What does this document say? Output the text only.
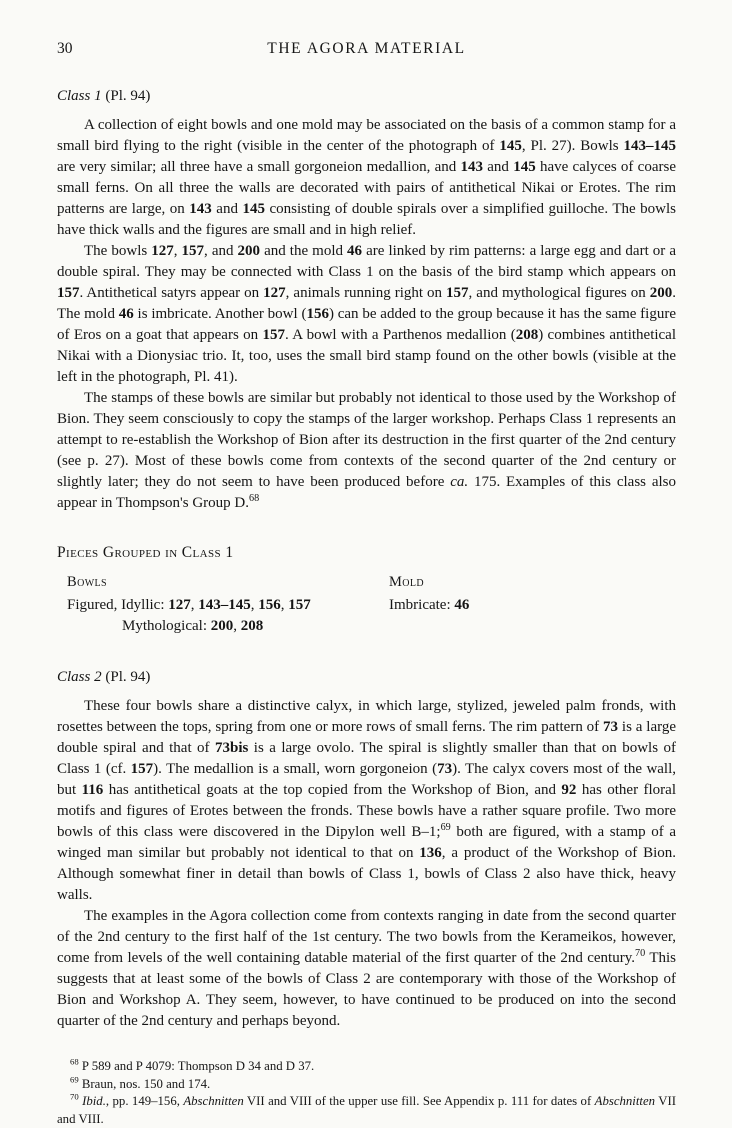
30	THE AGORA MATERIAL
Class 1 (Pl. 94)

A collection of eight bowls and one mold may be associated on the basis of a common stamp for a small bird flying to the right (visible in the center of the photograph of 145, Pl. 27). Bowls 143–145 are very similar; all three have a small gorgoneion medallion, and 143 and 145 have calyces of coarse small ferns. On all three the walls are decorated with pairs of antithetical Nikai or Erotes. The rim patterns are large, on 143 and 145 consisting of double spirals over a simplified guilloche. The bowls have thick walls and the figures are small and in high relief.

The bowls 127, 157, and 200 and the mold 46 are linked by rim patterns: a large egg and dart or a double spiral. They may be connected with Class 1 on the basis of the bird stamp which appears on 157. Antithetical satyrs appear on 127, animals running right on 157, and mythological figures on 200. The mold 46 is imbricate. Another bowl (156) can be added to the group because it has the same figure of Eros on a goat that appears on 157. A bowl with a Parthenos medallion (208) combines antithetical Nikai with a Dionysiac trio. It, too, uses the small bird stamp found on the other bowls (visible at the left in the photograph, Pl. 41).

The stamps of these bowls are similar but probably not identical to those used by the Workshop of Bion. They seem consciously to copy the stamps of the larger workshop. Perhaps Class 1 represents an attempt to re-establish the Workshop of Bion after its destruction in the first quarter of the 2nd century (see p. 27). Most of these bowls come from contexts of the second quarter of the 2nd century or slightly later; they do not seem to have been produced before ca. 175. Examples of this class also appear in Thompson's Group D.$^{68}$

Pieces Grouped in Class 1
Bowls
Figured, Idyllic: 127, 143–145, 156, 157
Mythological: 200, 208
Mold
Imbricate: 46
Class 2 (Pl. 94)

These four bowls share a distinctive calyx, in which large, stylized, jeweled palm fronds, with rosettes between the tops, spring from one or more rows of small ferns. The rim pattern of 73 is a large double spiral and that of 73bis is a large ovolo. The spiral is slightly smaller than that on bowls of Class 1 (cf. 157). The medallion is a small, worn gorgoneion (73). The calyx covers most of the wall, but 116 has antithetical goats at the top copied from the Workshop of Bion, and 92 has other floral motifs and figures of Erotes between the fronds. These bowls have a rather square profile. Two more bowls of this class were discovered in the Dipylon well B–1;$^{69}$ both are figured, with a stamp of a winged man similar but probably not identical to that on 136, a product of the Workshop of Bion. Although somewhat finer in detail than bowls of Class 1, bowls of Class 2 also have thick, heavy walls.

The examples in the Agora collection come from contexts ranging in date from the second quarter of the 2nd century to the first half of the 1st century. The two bowls from the Kerameikos, however, come from levels of the well containing datable material of the first quarter of the 2nd century.$^{70}$ This suggests that at least some of the bowls of Class 2 are contemporary with those of the Workshop of Bion and Workshop A. They seem, however, to have continued to be produced on into the second quarter of the 2nd century and perhaps beyond.

$^{68}$ P 589 and P 4079: Thompson D 34 and D 37.

$^{69}$ Braun, nos. 150 and 174.

$^{70}$ Ibid., pp. 149–156, Abschnitten VII and VIII of the upper use fill. See Appendix p. 111 for dates of Abschnitten VII and VIII.
